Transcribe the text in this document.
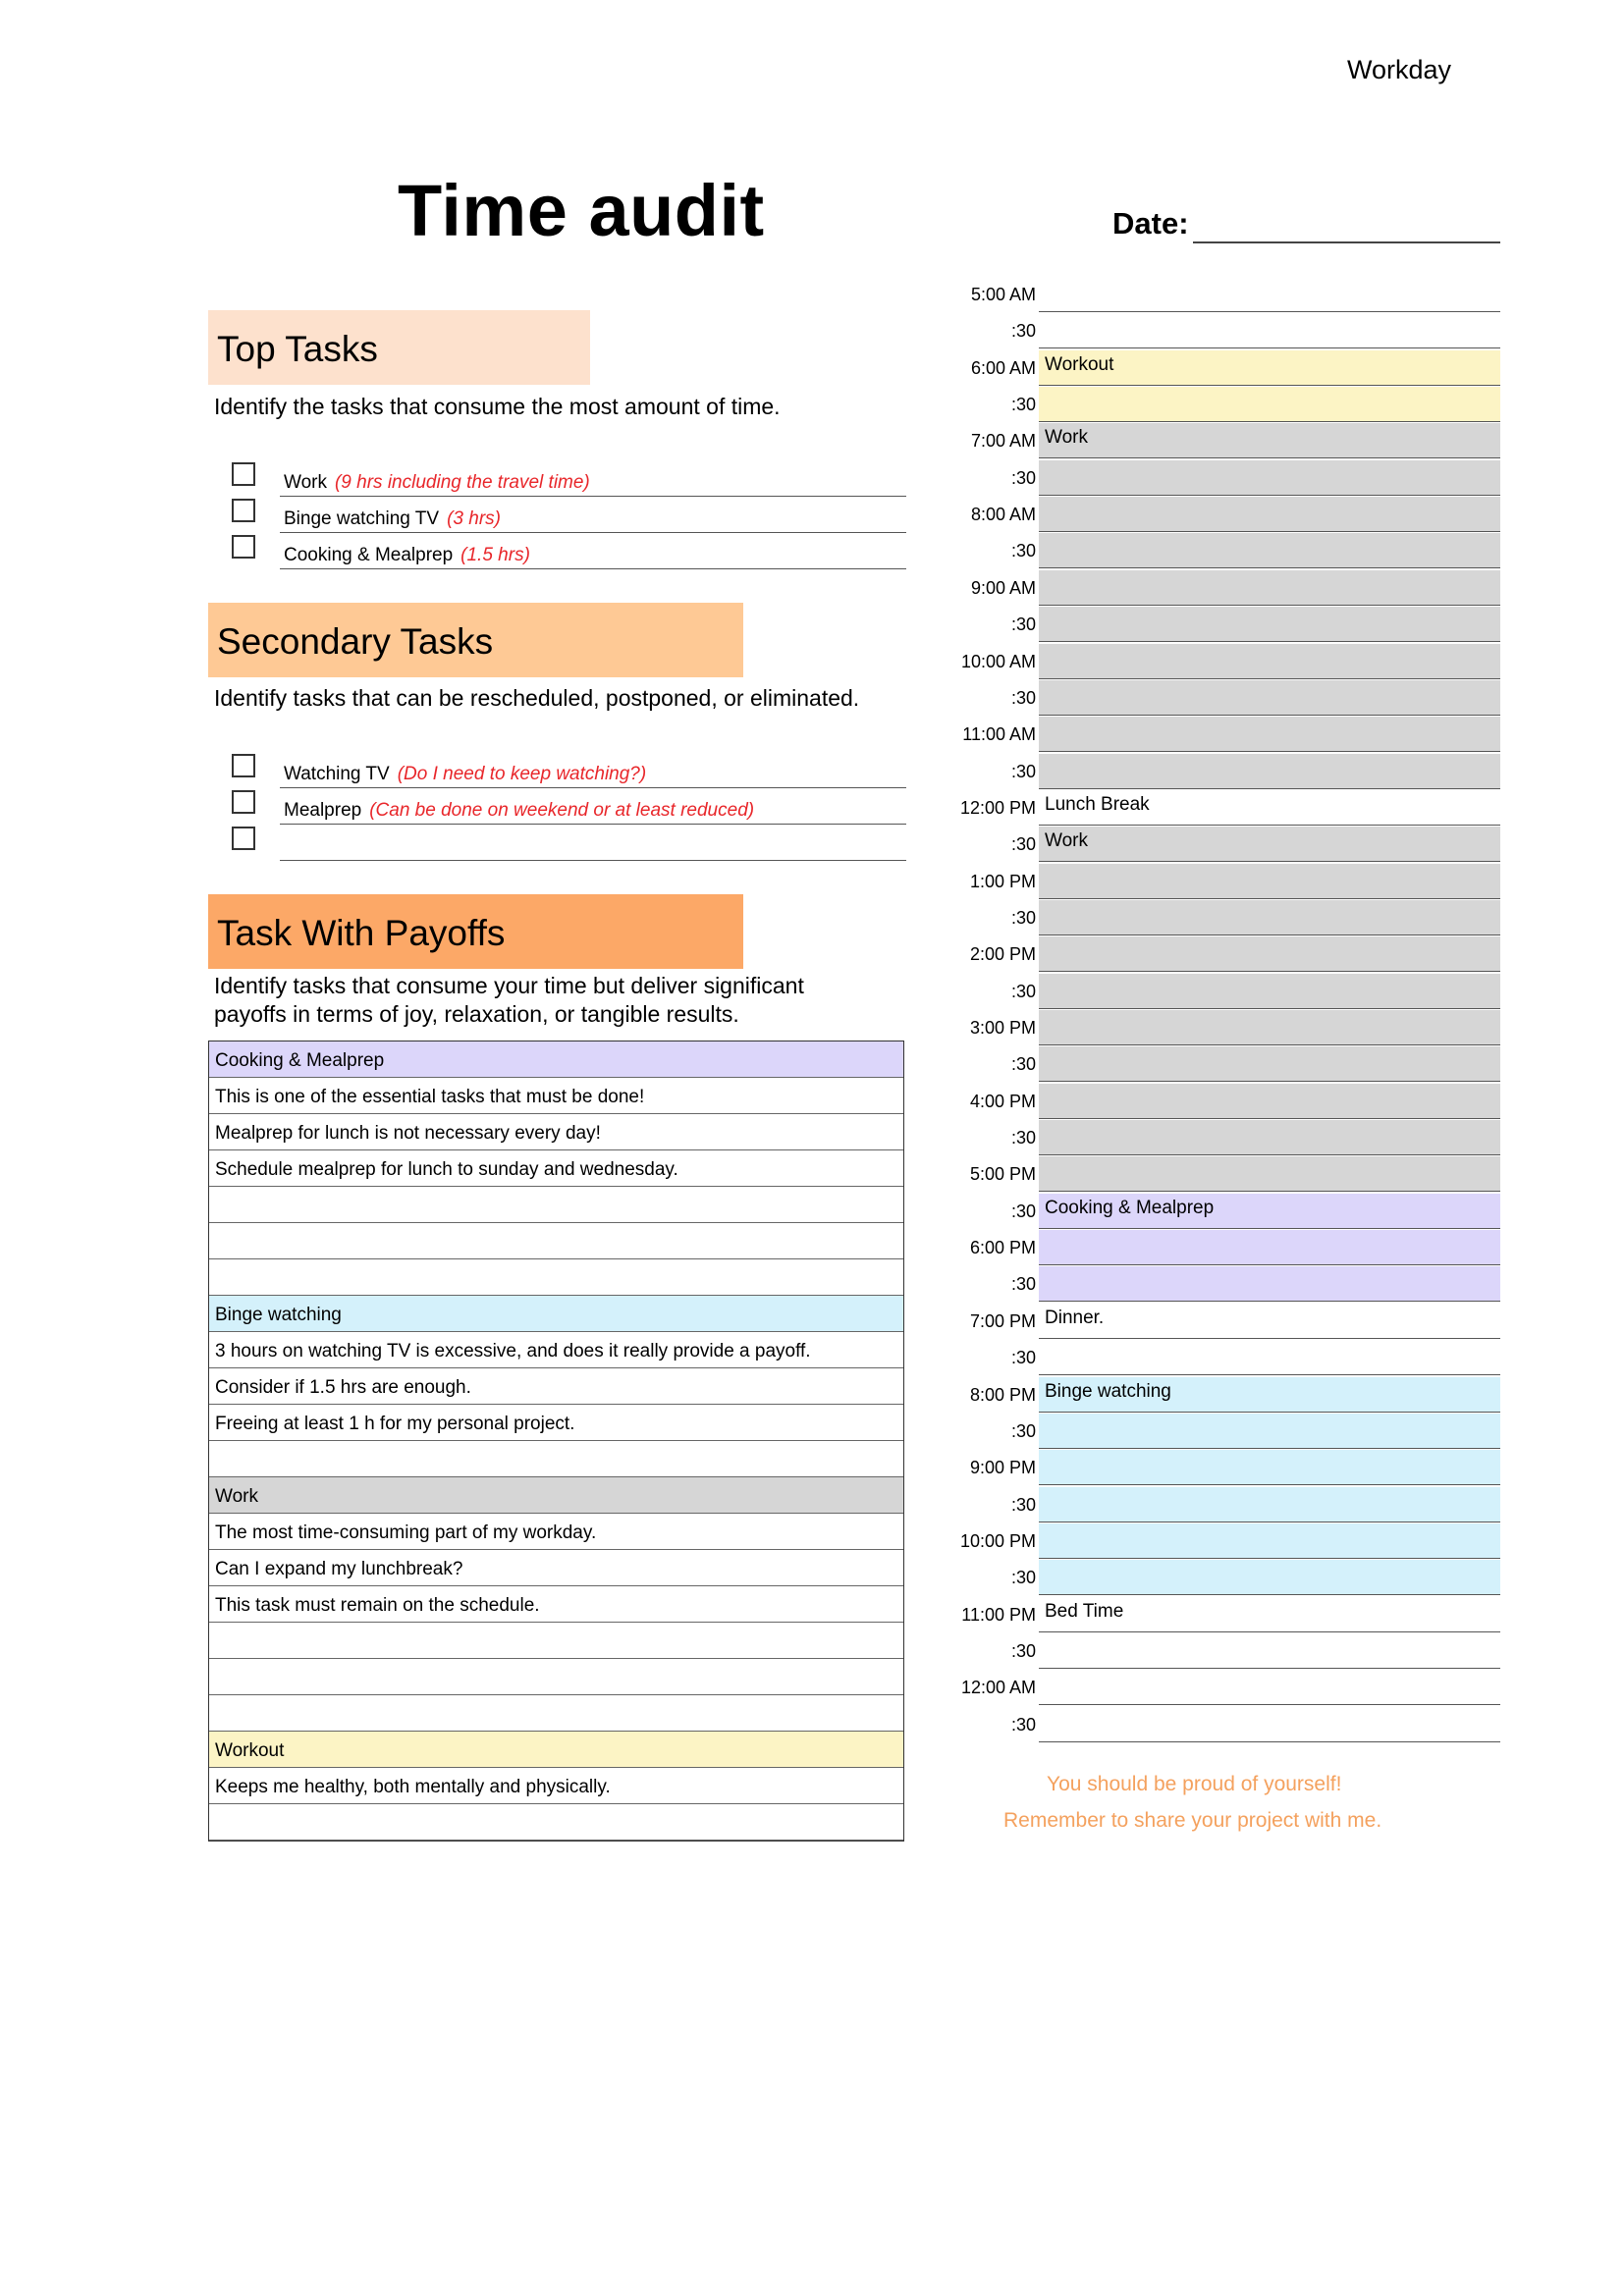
Workday
Time audit	Date:
Top Tasks
Identify the tasks that consume the most amount of time.
Work (9 hrs including the travel time)
Binge watching TV (3 hrs)
Cooking & Mealprep (1.5 hrs)
Secondary Tasks
Identify tasks that can be rescheduled, postponed, or eliminated.
Watching TV (Do I need to keep watching?)
Mealprep (Can be done on weekend or at least reduced)
Task With Payoffs
Identify tasks that consume your time but deliver significant
payoffs in terms of joy, relaxation, or tangible results.
Cooking & Mealprep
This is one of the essential tasks that must be done!
Mealprep for lunch is not necessary every day!
Schedule mealprep for lunch to sunday and wednesday.
Binge watching
3 hours on watching TV is excessive, and does it really provide a payoff.
Consider if 1.5 hrs are enough.
Freeing at least 1 h for my personal project.
Work
The most time-consuming part of my workday.
Can I expand my lunchbreak?
This task must remain on the schedule.
Workout
Keeps me healthy, both mentally and physically.
5:00 AM
:30
6:00 AM Workout
:30
7:00 AM Work
:30
8:00 AM
:30
9:00 AM
:30
10:00 AM
:30
11:00 AM
:30
12:00 PM Lunch Break
:30 Work
1:00 PM
:30
2:00 PM
:30
3:00 PM
:30
4:00 PM
:30
5:00 PM
:30 Cooking & Mealprep
6:00 PM
:30
7:00 PM Dinner.
:30
8:00 PM Binge watching
:30
9:00 PM
:30
10:00 PM
:30
11:00 PM Bed Time
:30
12:00 AM
:30
You should be proud of yourself!
Remember to share your project with me.
